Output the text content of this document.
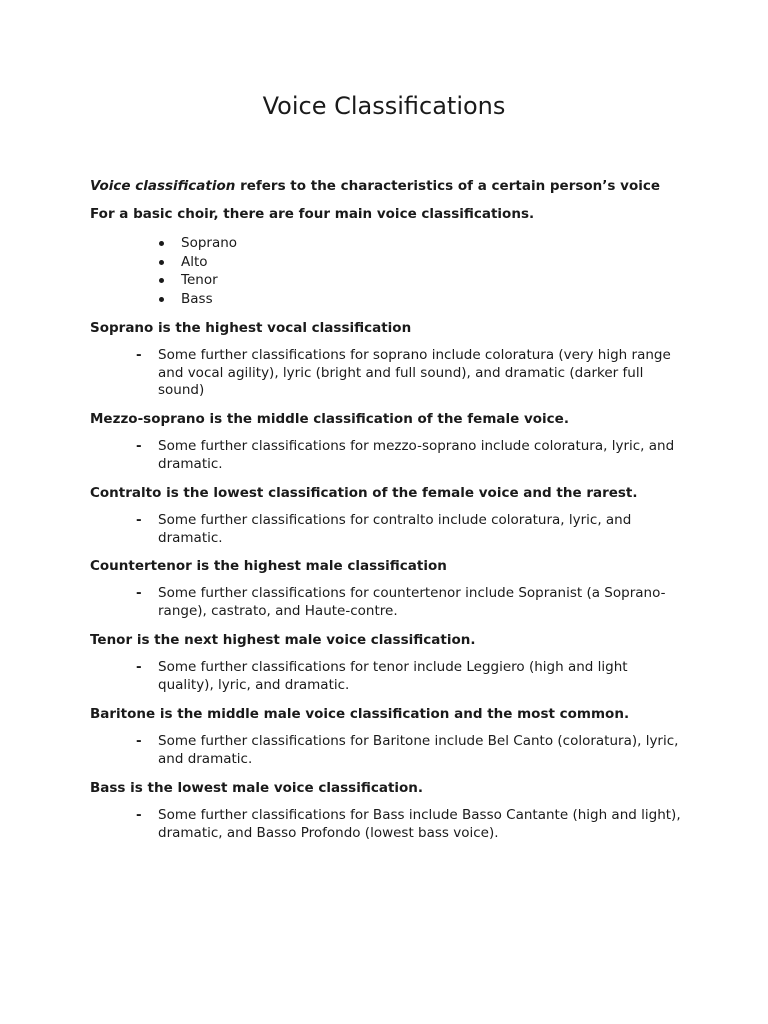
Voice Classifications
Voice classification refers to the characteristics of a certain person’s voice
For a basic choir, there are four main voice classifications.
Soprano
Alto
Tenor
Bass
Soprano is the highest vocal classification
-	Some further classifications for soprano include coloratura (very high range and vocal agility), lyric (bright and full sound), and dramatic (darker full sound)
Mezzo-soprano is the middle classification of the female voice.
-	Some further classifications for mezzo-soprano include coloratura, lyric, and dramatic.
Contralto is the lowest classification of the female voice and the rarest.
-	Some further classifications for contralto include coloratura, lyric, and dramatic.
Countertenor is the highest male classification
-	Some further classifications for countertenor include Sopranist (a Soprano-range), castrato, and Haute-contre.
Tenor is the next highest male voice classification.
-	Some further classifications for tenor include Leggiero (high and light quality), lyric, and dramatic.
Baritone is the middle male voice classification and the most common.
-	Some further classifications for Baritone include Bel Canto (coloratura), lyric, and dramatic.
Bass is the lowest male voice classification.
-	Some further classifications for Bass include Basso Cantante (high and light), dramatic, and Basso Profondo (lowest bass voice).
